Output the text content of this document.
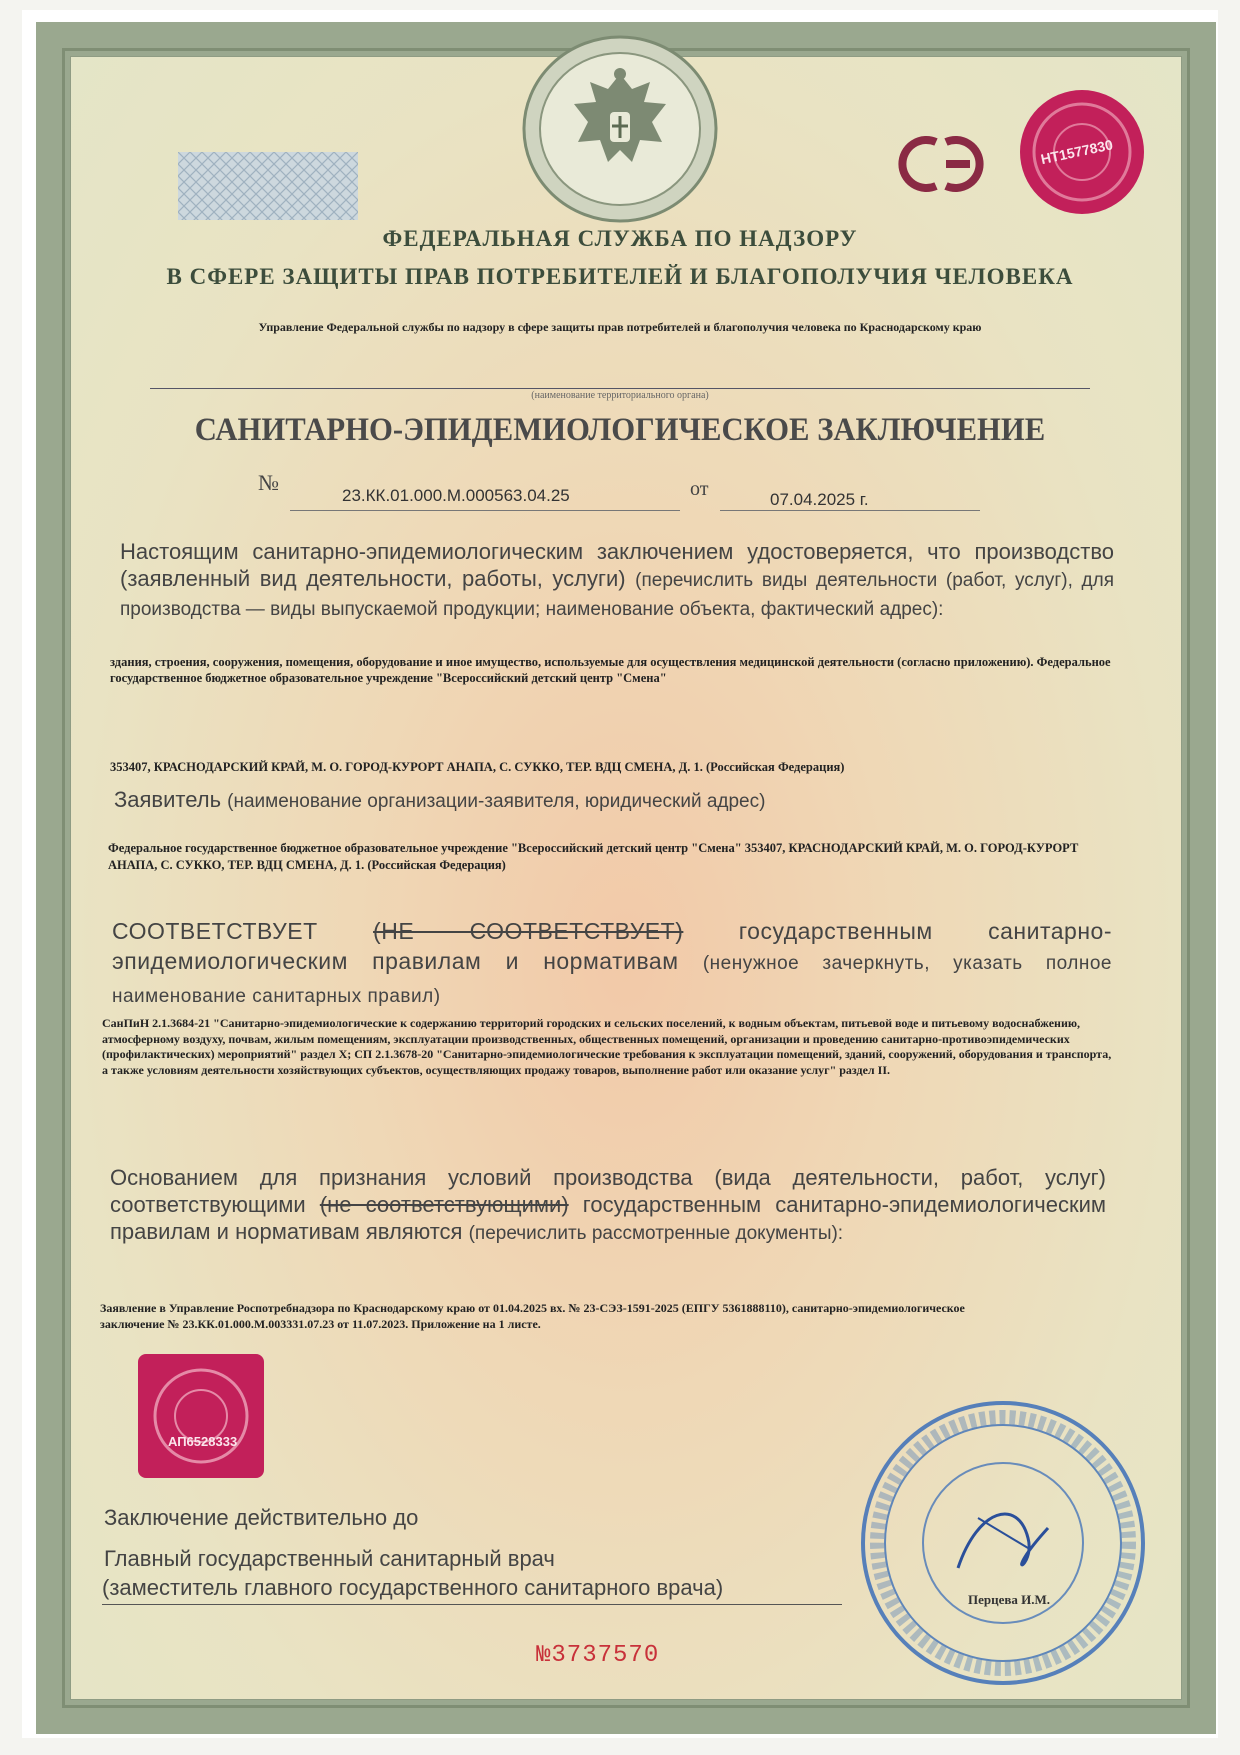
НТ1577830
ФЕДЕРАЛЬНАЯ СЛУЖБА ПО НАДЗОРУ
В СФЕРЕ ЗАЩИТЫ ПРАВ ПОТРЕБИТЕЛЕЙ И БЛАГОПОЛУЧИЯ ЧЕЛОВЕКА
Управление Федеральной службы по надзору в сфере защиты прав потребителей и благополучия человека по Краснодарскому краю
(наименование территориального органа)
САНИТАРНО-ЭПИДЕМИОЛОГИЧЕСКОЕ ЗАКЛЮЧЕНИЕ
№
23.КК.01.000.М.000563.04.25	от	07.04.2025 г.
Настоящим санитарно-эпидемиологическим заключением удостоверяется, что производство (заявленный вид деятельности, работы, услуги) (перечислить виды деятельности (работ, услуг), для производства — виды выпускаемой продукции; наименование объекта, фактический адрес):
здания, строения, сооружения, помещения, оборудование и иное имущество, используемые для осуществления медицинской деятельности (согласно приложению). Федеральное государственное бюджетное образовательное учреждение "Всероссийский детский центр "Смена"
353407, КРАСНОДАРСКИЙ КРАЙ, М. О. ГОРОД-КУРОРТ АНАПА, С. СУККО, ТЕР. ВДЦ СМЕНА, Д. 1. (Российская Федерация)
Заявитель (наименование организации-заявителя, юридический адрес)
Федеральное государственное бюджетное образовательное учреждение "Всероссийский детский центр "Смена" 353407, КРАСНОДАРСКИЙ КРАЙ, М. О. ГОРОД-КУРОРТ АНАПА, С. СУККО, ТЕР. ВДЦ СМЕНА, Д. 1. (Российская Федерация)
СООТВЕТСТВУЕТ (НЕ СООТВЕТСТВУЕТ) государственным санитарно-эпидемиологическим правилам и нормативам (ненужное зачеркнуть, указать полное наименование санитарных правил)
СанПиН 2.1.3684-21 "Санитарно-эпидемиологические к содержанию территорий городских и сельских поселений, к водным объектам, питьевой воде и питьевому водоснабжению, атмосферному воздуху, почвам, жилым помещениям, эксплуатации производственных, общественных помещений, организации и проведению санитарно-противоэпидемических (профилактических) мероприятий" раздел X; СП 2.1.3678-20 "Санитарно-эпидемиологические требования к эксплуатации помещений, зданий, сооружений, оборудования и транспорта, а также условиям деятельности хозяйствующих субъектов, осуществляющих продажу товаров, выполнение работ или оказание услуг" раздел II.
Основанием для признания условий производства (вида деятельности, работ, услуг) соответствующими (не соответствующими) государственным санитарно-эпидемиологическим правилам и нормативам являются (перечислить рассмотренные документы):
Заявление в Управление Роспотребнадзора по Краснодарскому краю от 01.04.2025 вх. № 23-СЭЗ-1591-2025 (ЕПГУ 5361888110), санитарно-эпидемиологическое заключение № 23.КК.01.000.М.003331.07.23 от 11.07.2023. Приложение на 1 листе.
АП6528333
Заключение действительно до
Главный государственный санитарный врач
(заместитель главного государственного санитарного врача)	Перцева И.М.
№3737570
